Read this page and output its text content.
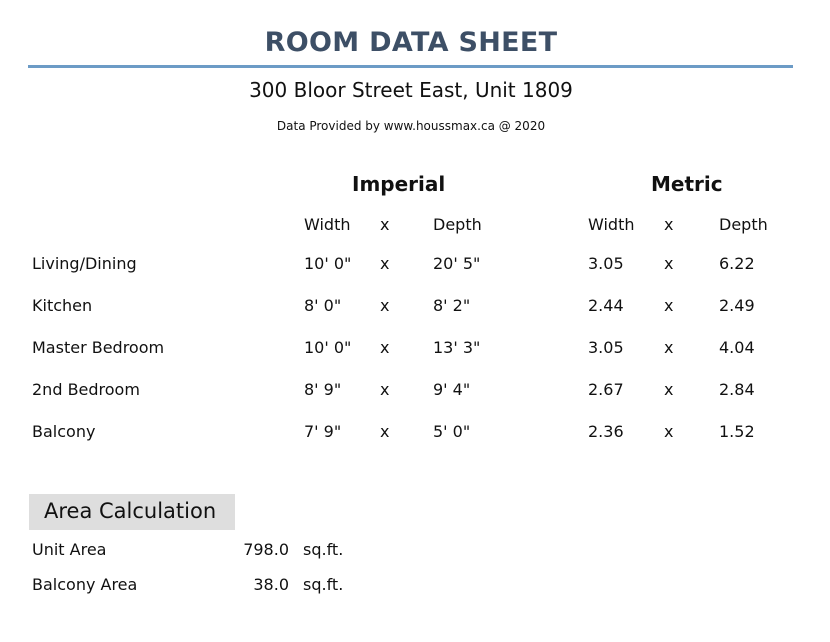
ROOM DATA SHEET
300 Bloor Street East, Unit 1809
Data Provided by www.houssmax.ca @ 2020
Imperial	Metric
Width x	Depth	Width x	Depth
Living/Dining	10' 0" x	20' 5"	3.05	x	6.22
Kitchen	8' 0" x	8' 2"	2.44	x	2.49
Master Bedroom	10' 0" x	13' 3"	3.05	x	4.04
2nd Bedroom	8' 9" x	9' 4"	2.67	x	2.84
Balcony	7' 9" x	5' 0"	2.36	x	1.52
Area Calculation
Unit Area	798.0 sq.ft.
Balcony Area	38.0 sq.ft.
